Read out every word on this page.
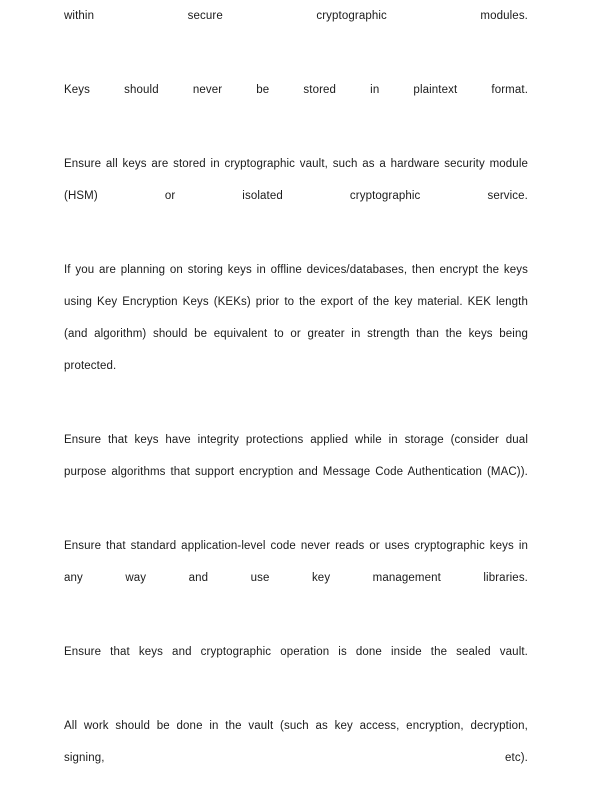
within secure cryptographic modules.

Keys should never be stored in plaintext format.

Ensure all keys are stored in cryptographic vault, such as a hardware security module (HSM) or isolated cryptographic service.

If you are planning on storing keys in offline devices/databases, then encrypt the keys using Key Encryption Keys (KEKs) prior to the export of the key material. KEK length (and algorithm) should be equivalent to or greater in strength than the keys being protected.

Ensure that keys have integrity protections applied while in storage (consider dual purpose algorithms that support encryption and Message Code Authentication (MAC)).

Ensure that standard application-level code never reads or uses cryptographic keys in any way and use key management libraries.

Ensure that keys and cryptographic operation is done inside the sealed vault.

All work should be done in the vault (such as key access, encryption, decryption, signing, etc).
